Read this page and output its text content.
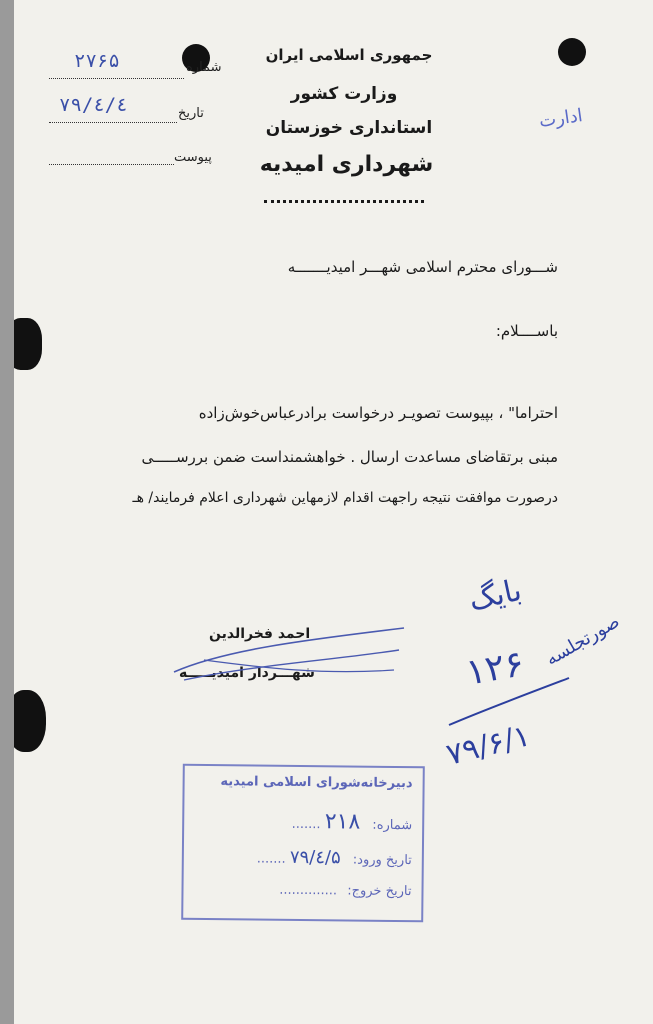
جمهوری اسلامی ایران
وزارت کشور
استانداری خوزستان
شهرداری امیدیه
شماره
۲۷۶۵
تاریخ
۷۹/٤/٤
پیوست
ادارت
شـــورای محترم اسلامی شهـــر امیدیـــــــه
باســــلام:
احتراما" ، بپیوست تصویـر درخواست برادرعباس‌خوش‌زاده
مبنی برتقاضای مساعدت ارسال . خواهشمنداست ضمن بررســـــی
درصورت موافقت نتیجه راجهت اقدام لازمهاین شهرداری اعلام فرمایند/ هـ
احمد فخرالدین
شهـــردار امیدیـــــه
بایگ
۱۲۶ صورتجلسه
۷۹/۶/۱
دبیرخانه‌شورای اسلامی امیدیه
شماره: ۲۱۸ .......
تاریخ ورود: ۷۹/٤/۵ .......
تاریخ خروج: ..............
